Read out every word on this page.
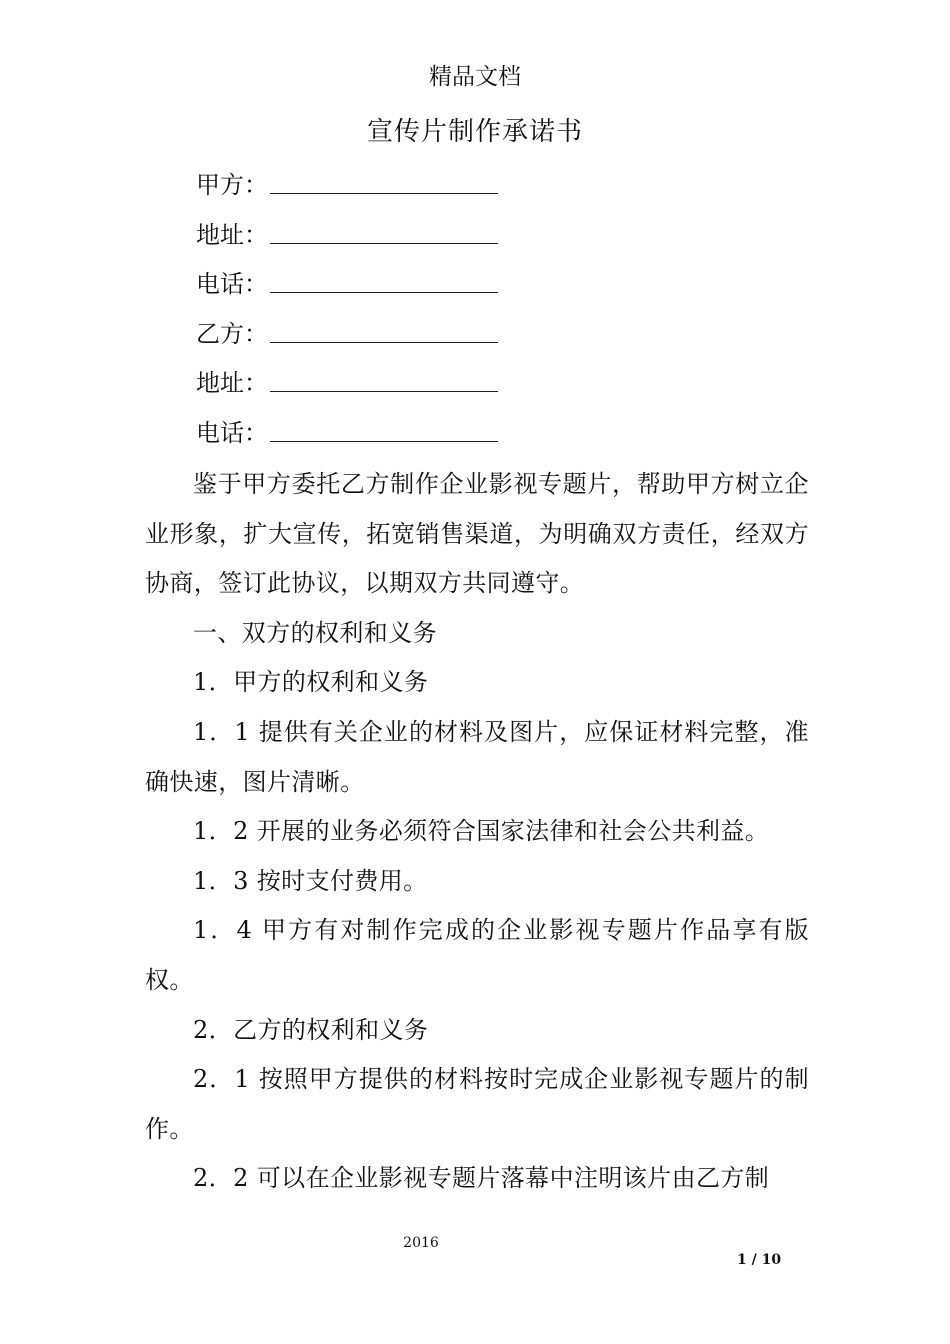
精品文档
宣传片制作承诺书
甲方：
地址：
电话：
乙方：
地址：
电话：

鉴于甲方委托乙方制作企业影视专题片，帮助甲方树立企业形象，扩大宣传，拓宽销售渠道，为明确双方责任，经双方协商，签订此协议，以期双方共同遵守。

一、双方的权利和义务

1．甲方的权利和义务

1．1 提供有关企业的材料及图片，应保证材料完整，准确快速，图片清晰。

1．2 开展的业务必须符合国家法律和社会公共利益。

1．3 按时支付费用。

1．4 甲方有对制作完成的企业影视专题片作品享有版权。

2．乙方的权利和义务

2．1 按照甲方提供的材料按时完成企业影视专题片的制作。

2．2 可以在企业影视专题片落幕中注明该片由乙方制

2016
1 / 10
